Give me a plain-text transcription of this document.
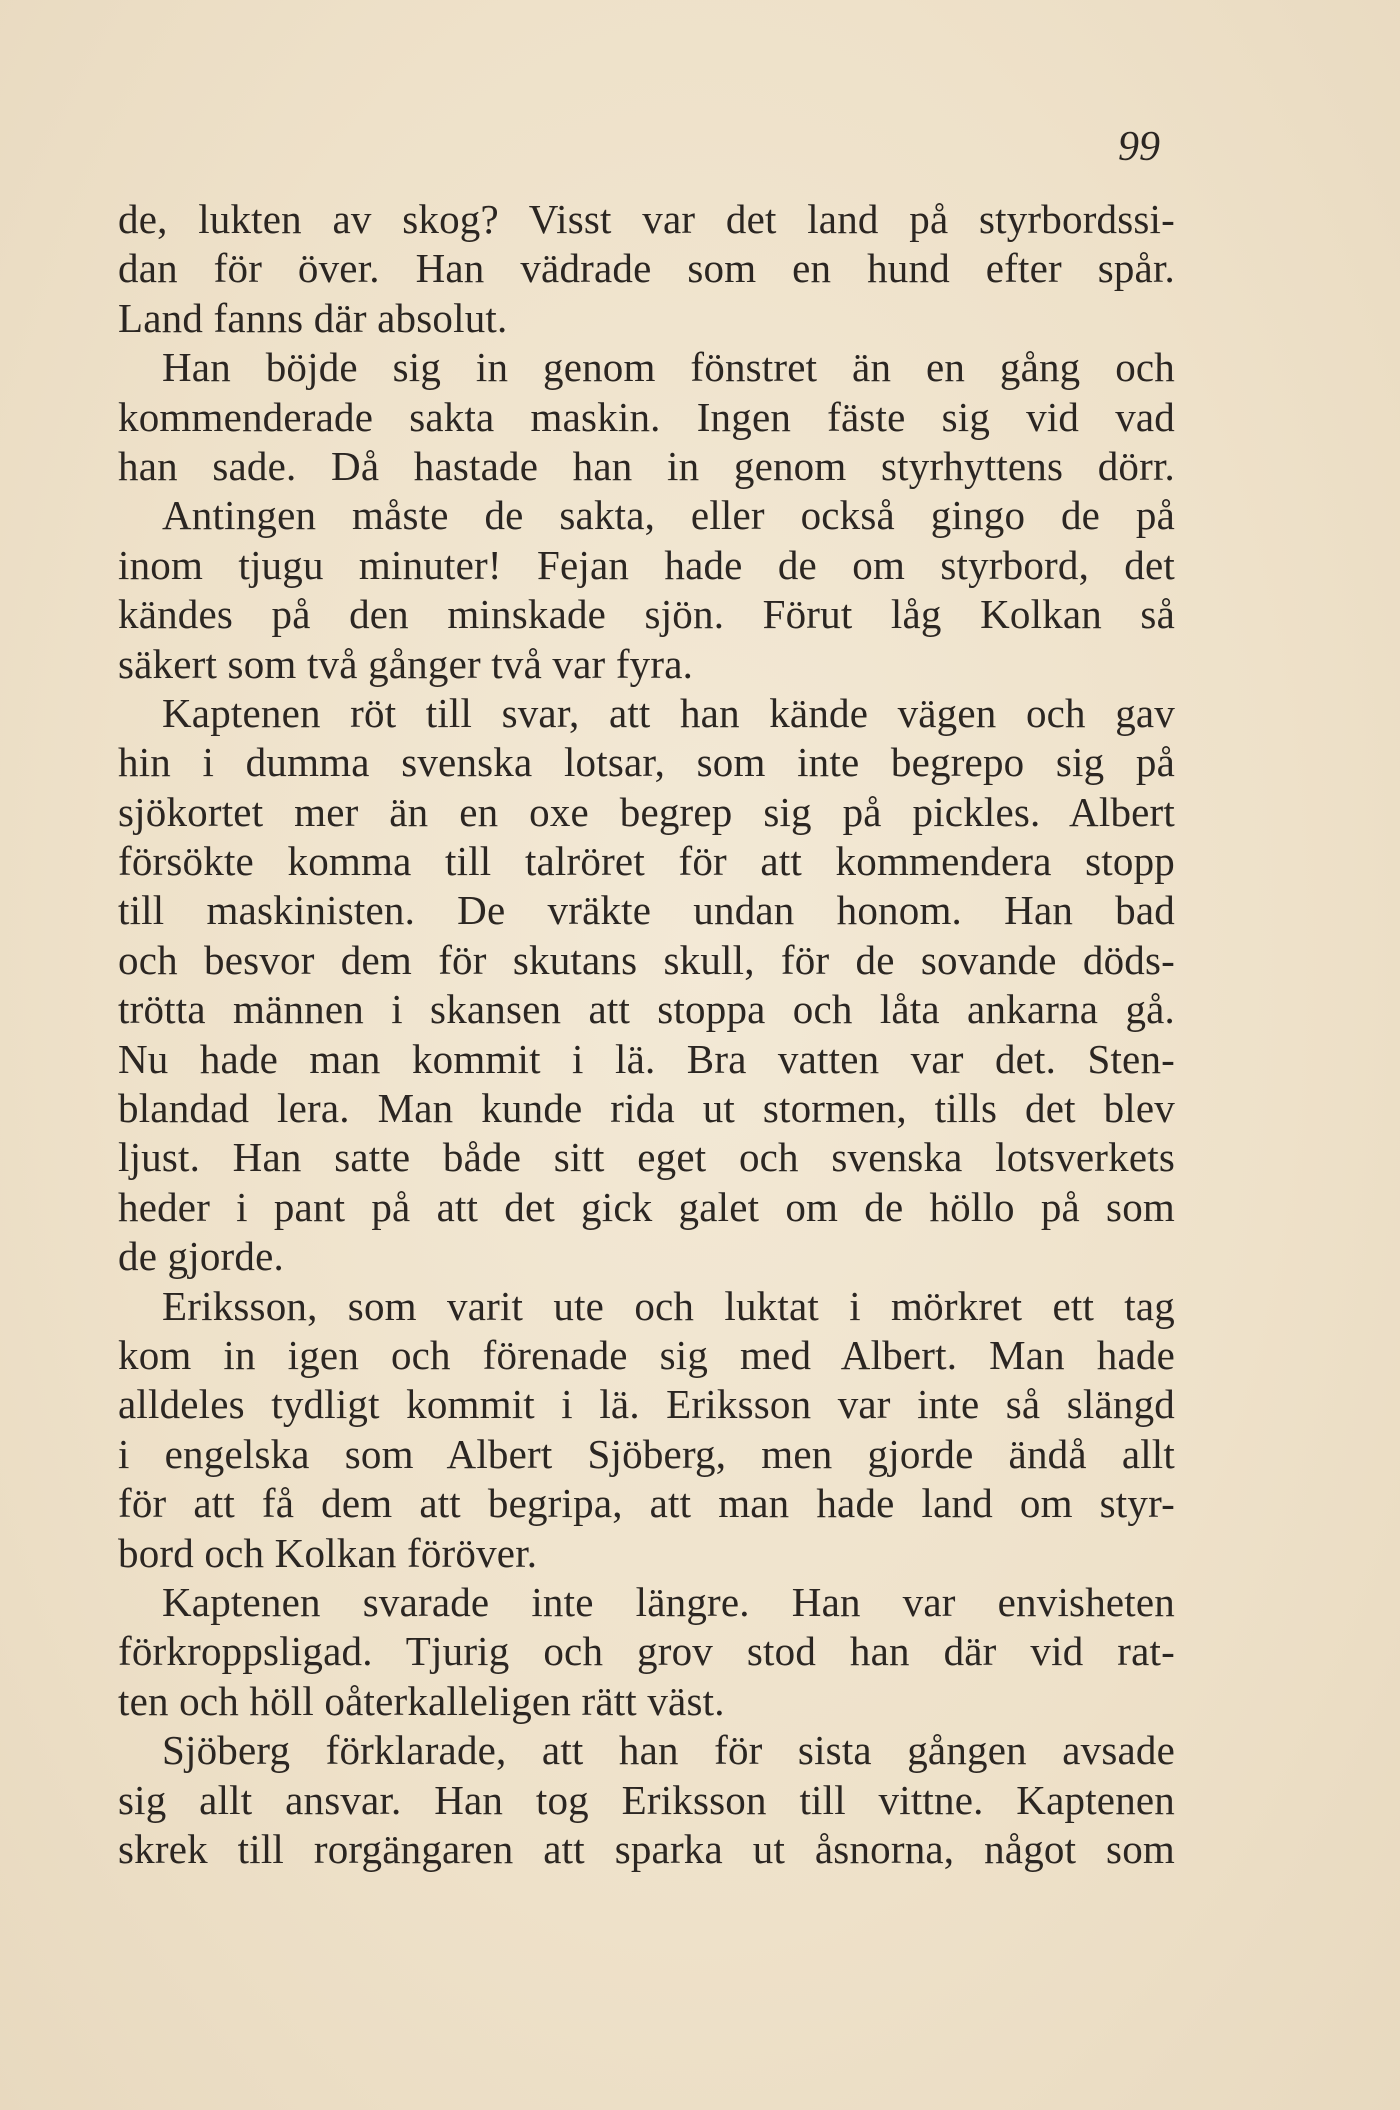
99
de, lukten av skog? Visst var det land på styrbordssi-
dan för över. Han vädrade som en hund efter spår.
Land fanns där absolut.
Han böjde sig in genom fönstret än en gång och
kommenderade sakta maskin. Ingen fäste sig vid vad
han sade. Då hastade han in genom styrhyttens dörr.
Antingen måste de sakta, eller också gingo de på
inom tjugu minuter! Fejan hade de om styrbord, det
kändes på den minskade sjön. Förut låg Kolkan så
säkert som två gånger två var fyra.
Kaptenen röt till svar, att han kände vägen och gav
hin i dumma svenska lotsar, som inte begrepo sig på
sjökortet mer än en oxe begrep sig på pickles. Albert
försökte komma till talröret för att kommendera stopp
till maskinisten. De vräkte undan honom. Han bad
och besvor dem för skutans skull, för de sovande döds-
trötta männen i skansen att stoppa och låta ankarna gå.
Nu hade man kommit i lä. Bra vatten var det. Sten-
blandad lera. Man kunde rida ut stormen, tills det blev
ljust. Han satte både sitt eget och svenska lotsverkets
heder i pant på att det gick galet om de höllo på som
de gjorde.
Eriksson, som varit ute och luktat i mörkret ett tag
kom in igen och förenade sig med Albert. Man hade
alldeles tydligt kommit i lä. Eriksson var inte så slängd
i engelska som Albert Sjöberg, men gjorde ändå allt
för att få dem att begripa, att man hade land om styr-
bord och Kolkan föröver.
Kaptenen svarade inte längre. Han var envisheten
förkroppsligad. Tjurig och grov stod han där vid rat-
ten och höll oåterkalleligen rätt väst.
Sjöberg förklarade, att han för sista gången avsade
sig allt ansvar. Han tog Eriksson till vittne. Kaptenen
skrek till rorgängaren att sparka ut åsnorna, något som
